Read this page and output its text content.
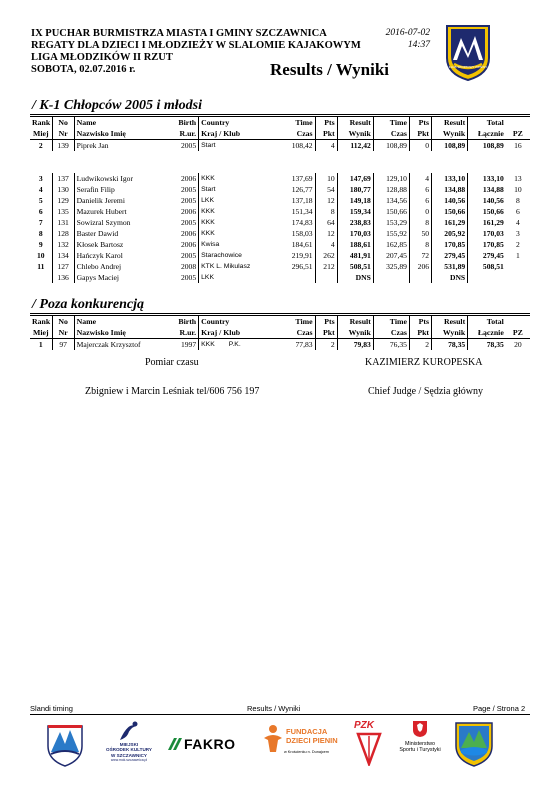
IX PUCHAR BURMISTRZA MIASTA I GMINY SZCZAWNICA
REGATY DLA DZIECI I MŁODZIEŻY W SLALOMIE KAJAKOWYM
LIGA MŁODZIKÓW II RZUT
SOBOTA, 02.07.2016 r.
2016-07-02
14:37
Results / Wyniki	KLUB SPORTOWY PIENINY
/ K-1 Chłopców 2005 i młodsi
Rank	No	Name	Birth	Country	Time	Pts	Result	Time	Pts	Result	Total	
Miej	Nr	Nazwisko Imię	R.ur.	Kraj / Klub	Czas	Pkt	Wynik	Czas	Pkt	Wynik	Łącznie	PZ
2	139	Piprek Jan	2005	Start	108,42	4	112,42	108,89	0	108,89	108,89	16

3	137	Ludwikowski Igor	2006	KKK	137,69	10	147,69	129,10	4	133,10	133,10	13
4	130	Serafin Filip	2005	Start	126,77	54	180,77	128,88	6	134,88	134,88	10
5	129	Danielik Jeremi	2005	LKK	137,18	12	149,18	134,56	6	140,56	140,56	8
6	135	Mazurek Hubert	2006	KKK	151,34	8	159,34	150,66	0	150,66	150,66	6
7	131	Sowizral Szymon	2005	KKK	174,83	64	238,83	153,29	8	161,29	161,29	4
8	128	Baster Dawid	2006	KKK	158,03	12	170,03	155,92	50	205,92	170,03	3
9	132	Kłosek Bartosz	2006	Kwisa	184,61	4	188,61	162,85	8	170,85	170,85	2
10	134	Hańczyk Karol	2005	Starachowice	219,91	262	481,91	207,45	72	279,45	279,45	1
11	127	Chlebo Andrej	2008	KTK L. Mikulasz	296,51	212	508,51	325,89	206	531,89	508,51	
	136	Gapys Maciej	2005	LKK			DNS			DNS		
/ Poza konkurencją
Rank	No	Name	Birth	Country	Time	Pts	Result	Time	Pts	Result	Total	
Miej	Nr	Nazwisko Imię	R.ur.	Kraj / Klub	Czas	Pkt	Wynik	Czas	Pkt	Wynik	Łącznie	PZ
1	97	Majerczak Krzysztof	1997	KKK P.K.	77,83	2	79,83	76,35	2	78,35	78,35	20
Pomiar czasu	KAZIMIERZ KUROPESKA
Zbigniew i Marcin Leśniak tel/606 756 197	Chief Judge / Sędzia główny
Slandi timing	Results / Wyniki	Page / Strona 2
MIEJSKI
OŚRODEK KULTURY
W SZCZAWNICY
www.mok.szczawnica.pl
FAKRO
FUNDACJA
DZIECI PIENIN
w Krościenku n. Dunajcem
PZK
Ministerstwo
Sportu i Turystyki
